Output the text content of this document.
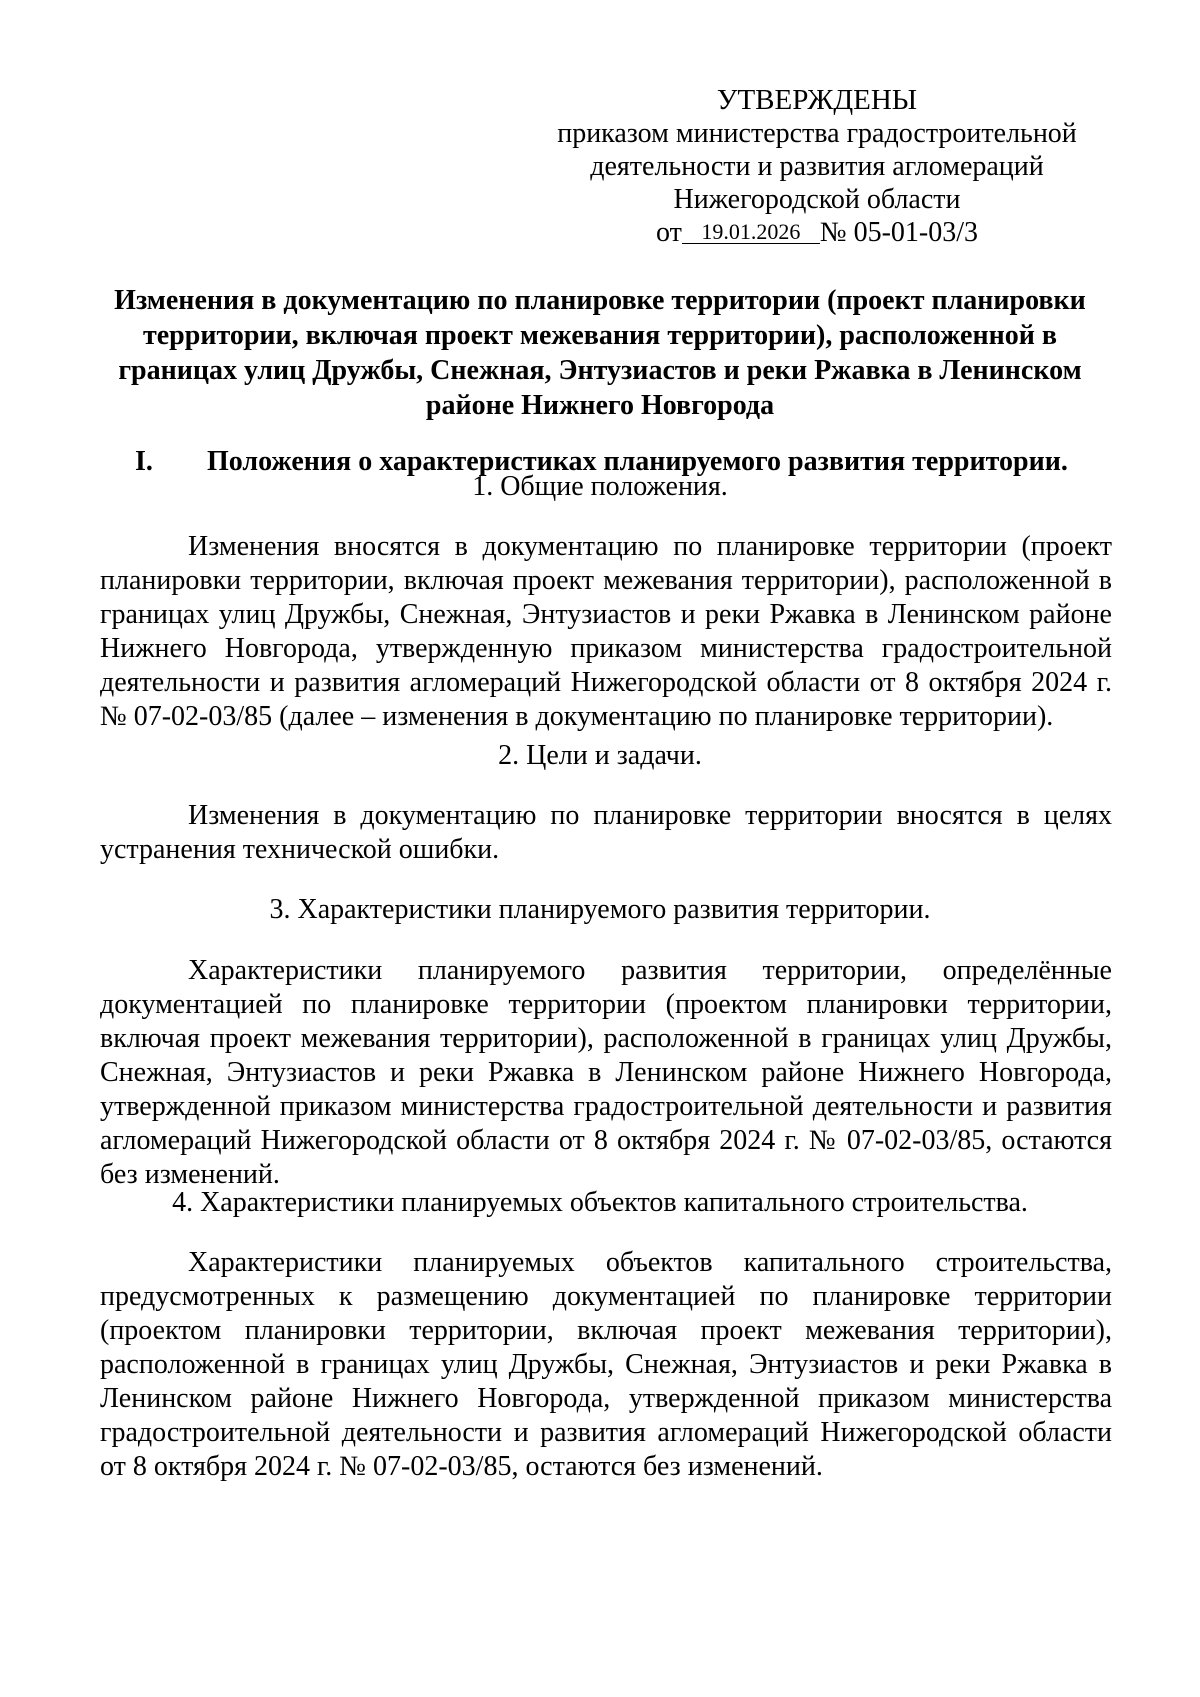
УТВЕРЖДЕНЫ
приказом министерства градостроительной
деятельности и развития агломераций
Нижегородской области
от 19.01.2026 № 05-01-03/3
Изменения в документацию по планировке территории (проект планировки
территории, включая проект межевания территории), расположенной в
границах улиц Дружбы, Снежная, Энтузиастов и реки Ржавка в Ленинском
районе Нижнего Новгорода
I. Положения о характеристиках планируемого развития территории.
1. Общие положения.
Изменения вносятся в документацию по планировке территории (проект планировки территории, включая проект межевания территории), расположенной в границах улиц Дружбы, Снежная, Энтузиастов и реки Ржавка в Ленинском районе Нижнего Новгорода, утвержденную приказом министерства градостроительной деятельности и развития агломераций Нижегородской области от 8 октября 2024 г. № 07-02-03/85 (далее – изменения в документацию по планировке территории).
2. Цели и задачи.
Изменения в документацию по планировке территории вносятся в целях устранения технической ошибки.
3. Характеристики планируемого развития территории.
Характеристики планируемого развития территории, определённые документацией по планировке территории (проектом планировки территории, включая проект межевания территории), расположенной в границах улиц Дружбы, Снежная, Энтузиастов и реки Ржавка в Ленинском районе Нижнего Новгорода, утвержденной приказом министерства градостроительной деятельности и развития агломераций Нижегородской области от 8 октября 2024 г. № 07-02-03/85, остаются без изменений.
4. Характеристики планируемых объектов капитального строительства.
Характеристики планируемых объектов капитального строительства, предусмотренных к размещению документацией по планировке территории (проектом планировки территории, включая проект межевания территории), расположенной в границах улиц Дружбы, Снежная, Энтузиастов и реки Ржавка в Ленинском районе Нижнего Новгорода, утвержденной приказом министерства градостроительной деятельности и развития агломераций Нижегородской области от 8 октября 2024 г. № 07-02-03/85, остаются без изменений.
